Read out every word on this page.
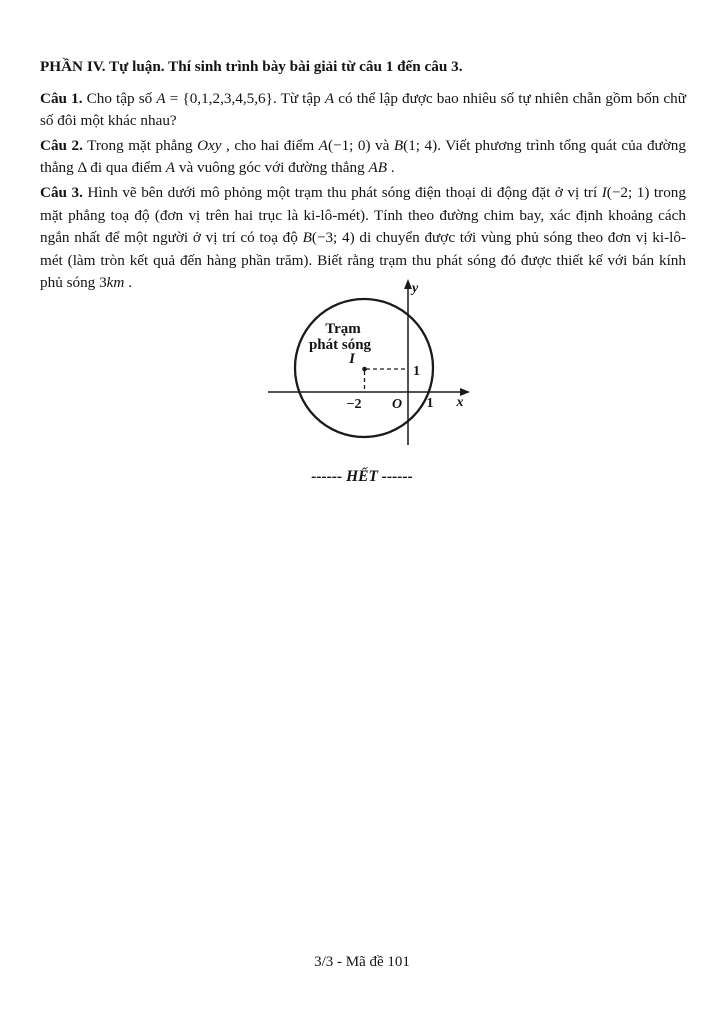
PHẦN IV. Tự luận. Thí sinh trình bày bài giải từ câu 1 đến câu 3.

Câu 1. Cho tập số A = {0,1,2,3,4,5,6}. Từ tập A có thể lập được bao nhiêu số tự nhiên chẵn gồm bốn chữ số đôi một khác nhau?

Câu 2. Trong mặt phẳng Oxy , cho hai điểm A(−1; 0) và B(1; 4). Viết phương trình tổng quát của đường thẳng Δ đi qua điểm A và vuông góc với đường thẳng AB .

Câu 3. Hình vẽ bên dưới mô phỏng một trạm thu phát sóng điện thoại di động đặt ở vị trí I(−2; 1) trong mặt phẳng toạ độ (đơn vị trên hai trục là ki-lô-mét). Tính theo đường chim bay, xác định khoảng cách ngắn nhất để một người ở vị trí có toạ độ B(−3; 4) di chuyển được tới vùng phủ sóng theo đơn vị ki-lô-mét (làm tròn kết quả đến hàng phần trăm). Biết rằng trạm thu phát sóng đó được thiết kế với bán kính phủ sóng 3km .

Trạm
phát sóng
I
1
−2 O 1 x
y
------ HẾT ------
3/3 - Mã đề 101
